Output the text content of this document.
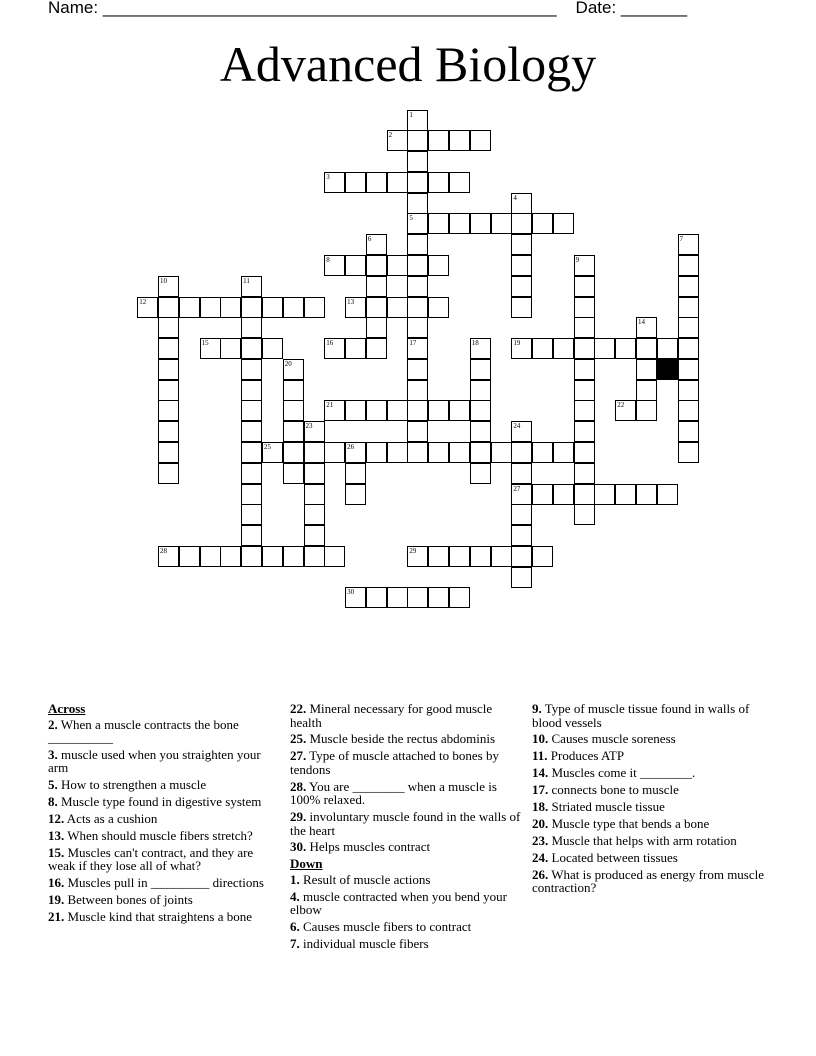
Name: ________________________________________________ Date: _______
Advanced Biology
1
5
17
2
3
4
6	7
8	9
10	11
12	13
14
15	16	18	19
20
21	22
23	24
27
25	26
28	29
30
Across
2. When a muscle contracts the bone __________
3. muscle used when you straighten your arm
5. How to strengthen a muscle
8. Muscle type found in digestive system
12. Acts as a cushion
13. When should muscle fibers stretch?
15. Muscles can't contract, and they are weak if they lose all of what?
16. Muscles pull in _________ directions
19. Between bones of joints
21. Muscle kind that straightens a bone
22. Mineral necessary for good muscle health
25. Muscle beside the rectus abdominis
27. Type of muscle attached to bones by tendons
28. You are ________ when a muscle is 100% relaxed.
29. involuntary muscle found in the walls of the heart
30. Helps muscles contract
Down
1. Result of muscle actions
4. muscle contracted when you bend your elbow
6. Causes muscle fibers to contract
7. individual muscle fibers
9. Type of muscle tissue found in walls of blood vessels
10. Causes muscle soreness
11. Produces ATP
14. Muscles come it ________.
17. connects bone to muscle
18. Striated muscle tissue
20. Muscle type that bends a bone
23. Muscle that helps with arm rotation
24. Located between tissues
26. What is produced as energy from muscle contraction?
